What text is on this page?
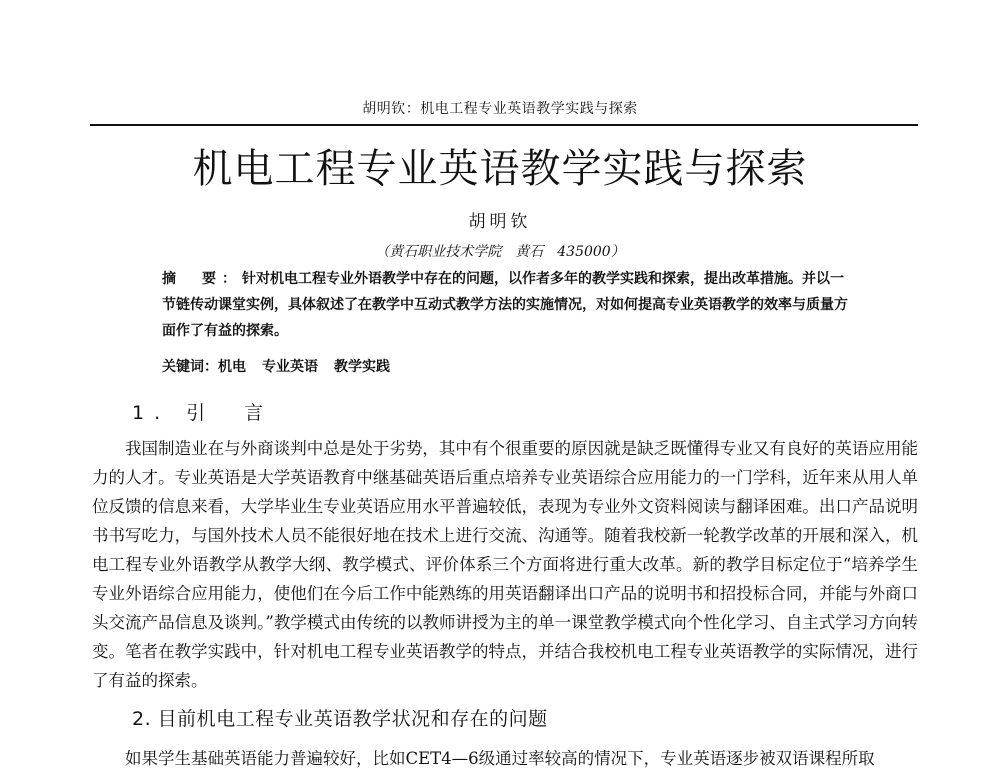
胡明钦：机电工程专业英语教学实践与探索
机电工程专业英语教学实践与探索
胡明钦
（黄石职业技术学院　黄石　435000）
摘　要：针对机电工程专业外语教学中存在的问题，以作者多年的教学实践和探索，提出改革措施。并以一节链传动课堂实例，具体叙述了在教学中互动式教学方法的实施情况，对如何提高专业英语教学的效率与质量方面作了有益的探索。
关键词：机电 专业英语 教学实践
1. 引　言

我国制造业在与外商谈判中总是处于劣势，其中有个很重要的原因就是缺乏既懂得专业又有良好的英语应用能力的人才。专业英语是大学英语教育中继基础英语后重点培养专业英语综合应用能力的一门学科，近年来从用人单位反馈的信息来看，大学毕业生专业英语应用水平普遍较低，表现为专业外文资料阅读与翻译困难。出口产品说明书书写吃力，与国外技术人员不能很好地在技术上进行交流、沟通等。随着我校新一轮教学改革的开展和深入，机电工程专业外语教学从教学大纲、教学模式、评价体系三个方面将进行重大改革。新的教学目标定位于“培养学生专业外语综合应用能力，使他们在今后工作中能熟练的用英语翻译出口产品的说明书和招投标合同，并能与外商口头交流产品信息及谈判。”教学模式由传统的以教师讲授为主的单一课堂教学模式向个性化学习、自主式学习方向转变。笔者在教学实践中，针对机电工程专业英语教学的特点，并结合我校机电工程专业英语教学的实际情况，进行了有益的探索。

2. 目前机电工程专业英语教学状况和存在的问题

如果学生基础英语能力普遍较好，比如CET4—6级通过率较高的情况下，专业英语逐步被双语课程所取
